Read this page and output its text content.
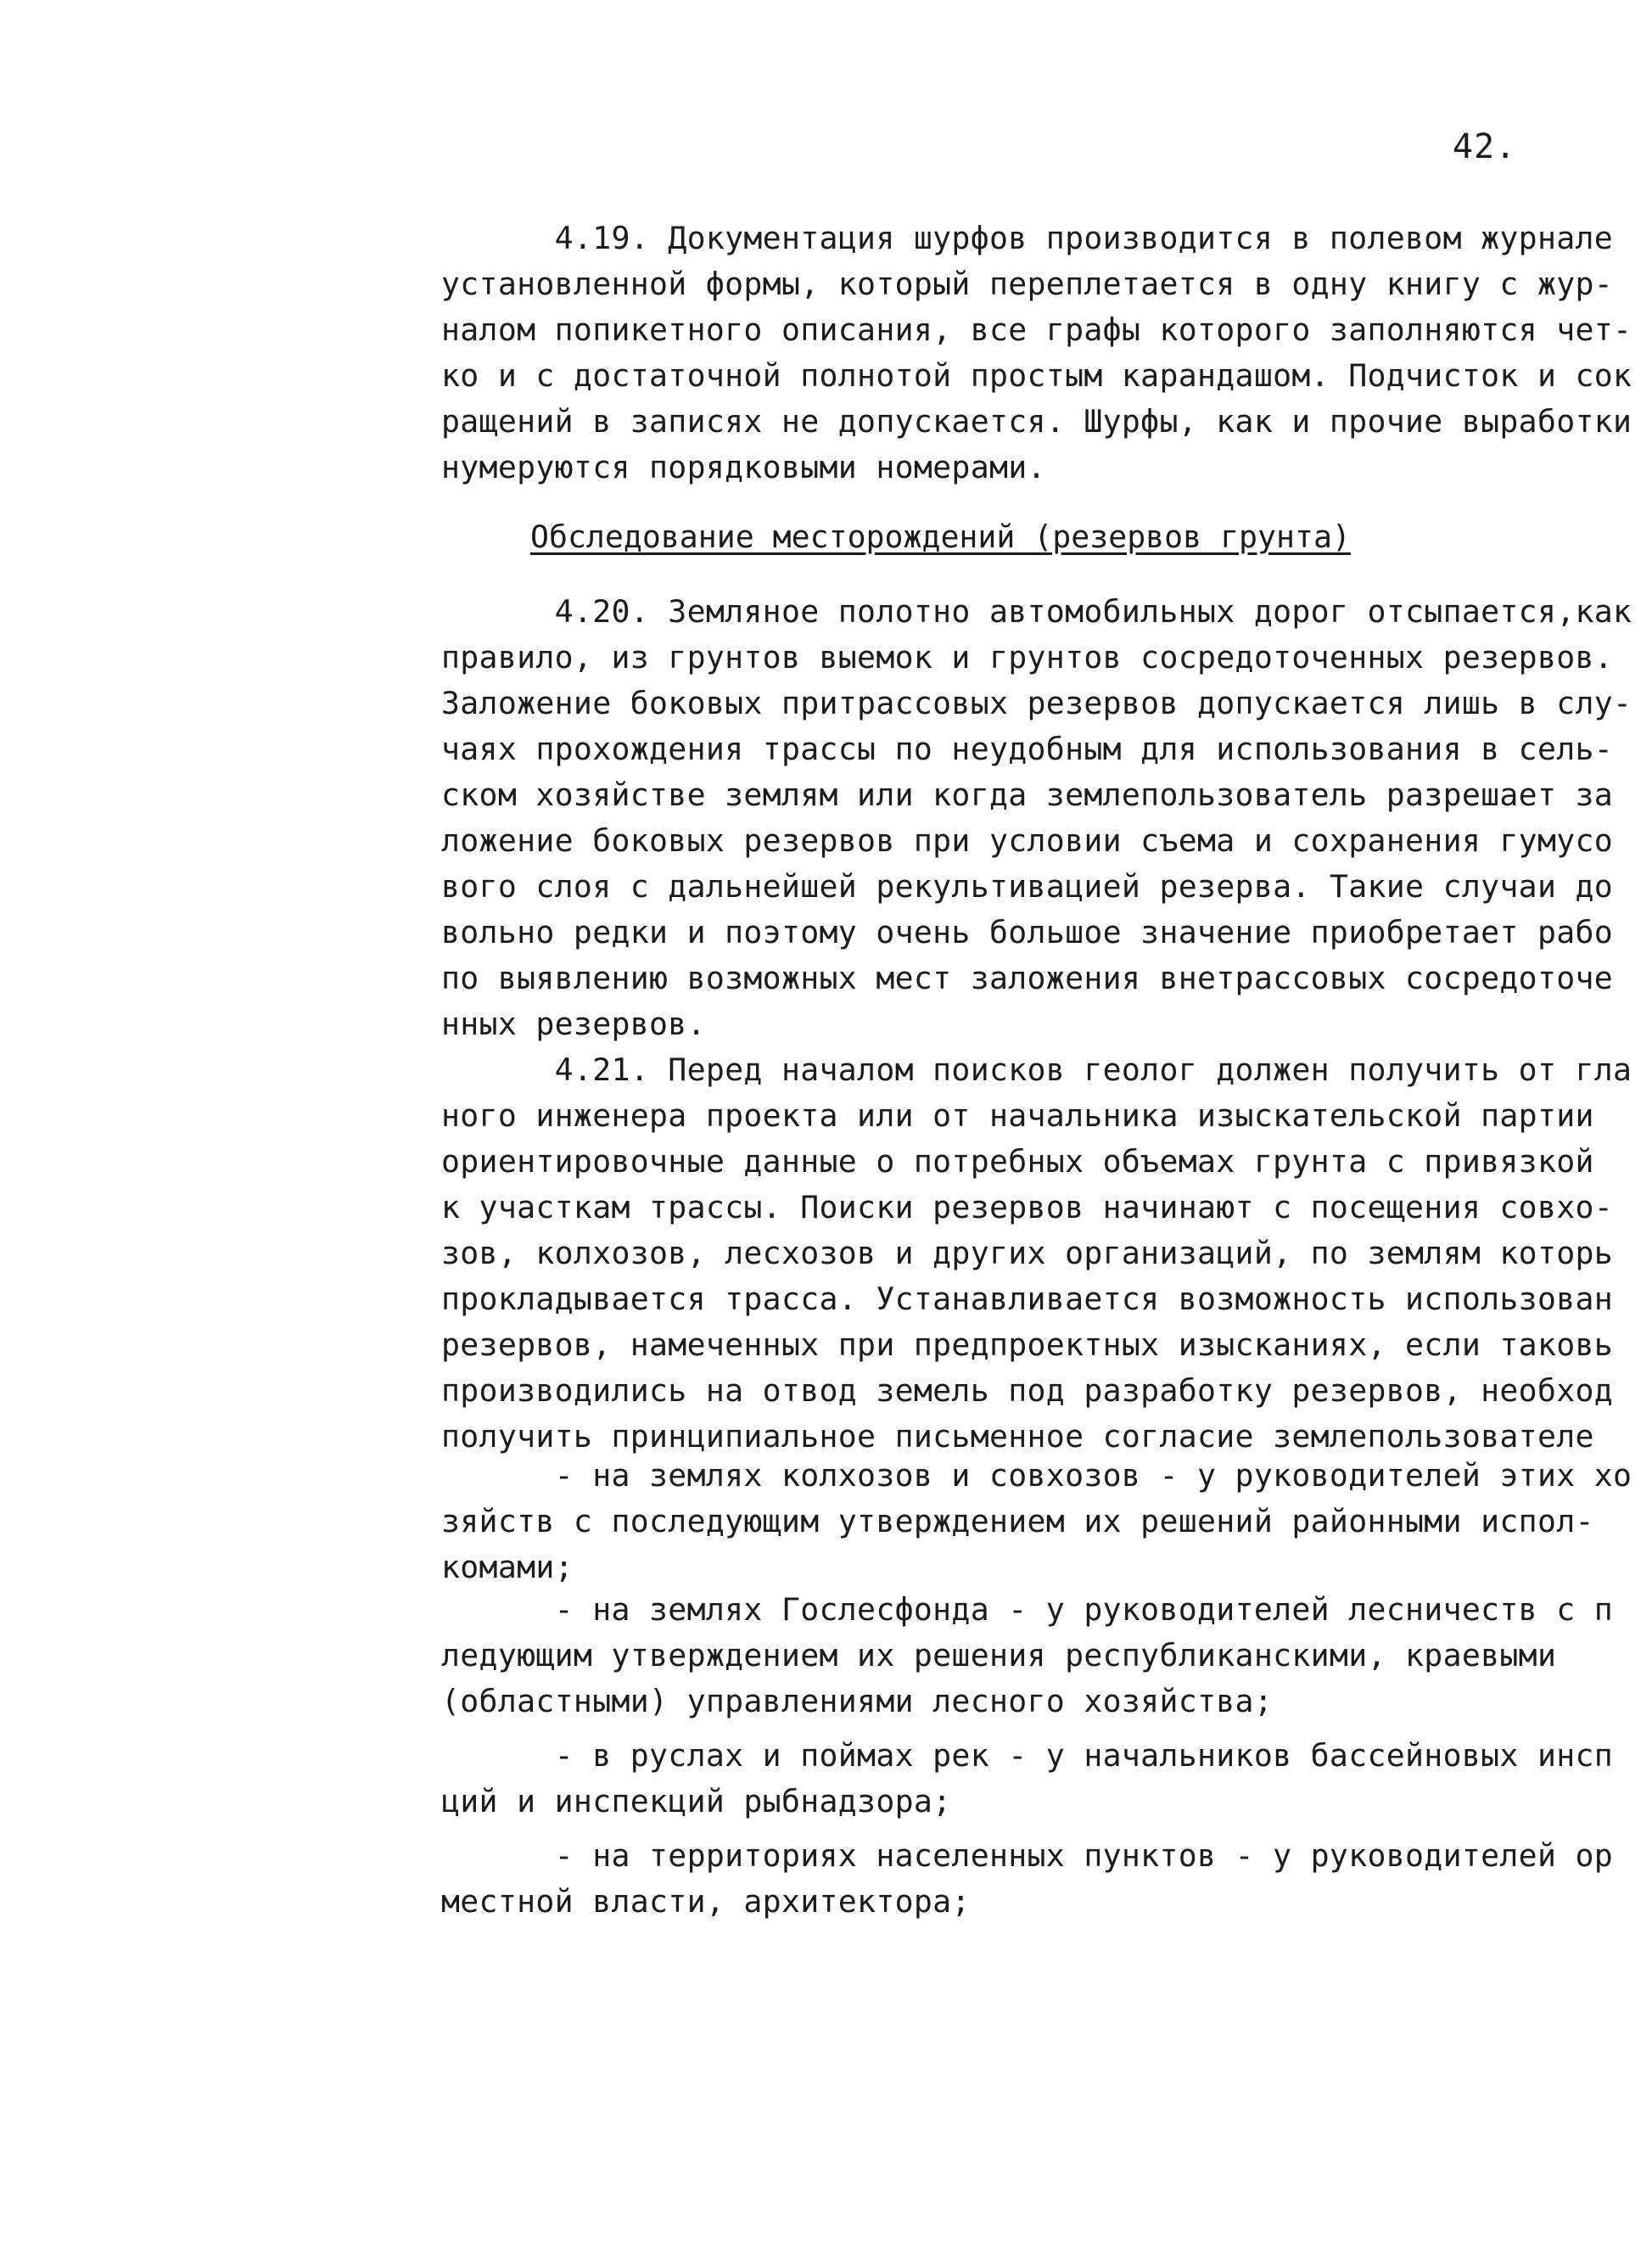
42.
4.19. Документация шурфов производится в полевом журнале
установленной формы, который переплетается в одну книгу с жур-
налом попикетного описания, все графы которого заполняются чет-
ко и с достаточной полнотой простым карандашом. Подчисток и сок
ращений в записях не допускается. Шурфы, как и прочие выработки
нумеруются порядковыми номерами.
Обследование месторождений (резервов грунта)
4.20. Земляное полотно автомобильных дорог отсыпается,как
правило, из грунтов выемок и грунтов сосредоточенных резервов.
Заложение боковых притрассовых резервов допускается лишь в слу-
чаях прохождения трассы по неудобным для использования в сель-
ском хозяйстве землям или когда землепользователь разрешает за
ложение боковых резервов при условии съема и сохранения гумусо
вого слоя с дальнейшей рекультивацией резерва. Такие случаи до
вольно редки и поэтому очень большое значение приобретает рабо
по выявлению возможных мест заложения внетрассовых сосредоточе
нных резервов.
4.21. Перед началом поисков геолог должен получить от гла
ного инженера проекта или от начальника изыскательской партии
ориентировочные данные о потребных объемах грунта с привязкой
к участкам трассы. Поиски резервов начинают с посещения совхо-
зов, колхозов, лесхозов и других организаций, по землям которь
прокладывается трасса. Устанавливается возможность использован
резервов, намеченных при предпроектных изысканиях, если таковь
производились на отвод земель под разработку резервов, необход
получить принципиальное письменное согласие землепользователе
- на землях колхозов и совхозов - у руководителей этих хо
зяйств с последующим утверждением их решений районными испол-
комами;
- на землях Гослесфонда - у руководителей лесничеств с п
ледующим утверждением их решения республиканскими, краевыми
(областными) управлениями лесного хозяйства;
- в руслах и поймах рек - у начальников бассейновых инсп
ций и инспекций рыбнадзора;
- на территориях населенных пунктов - у руководителей ор
местной власти, архитектора;
